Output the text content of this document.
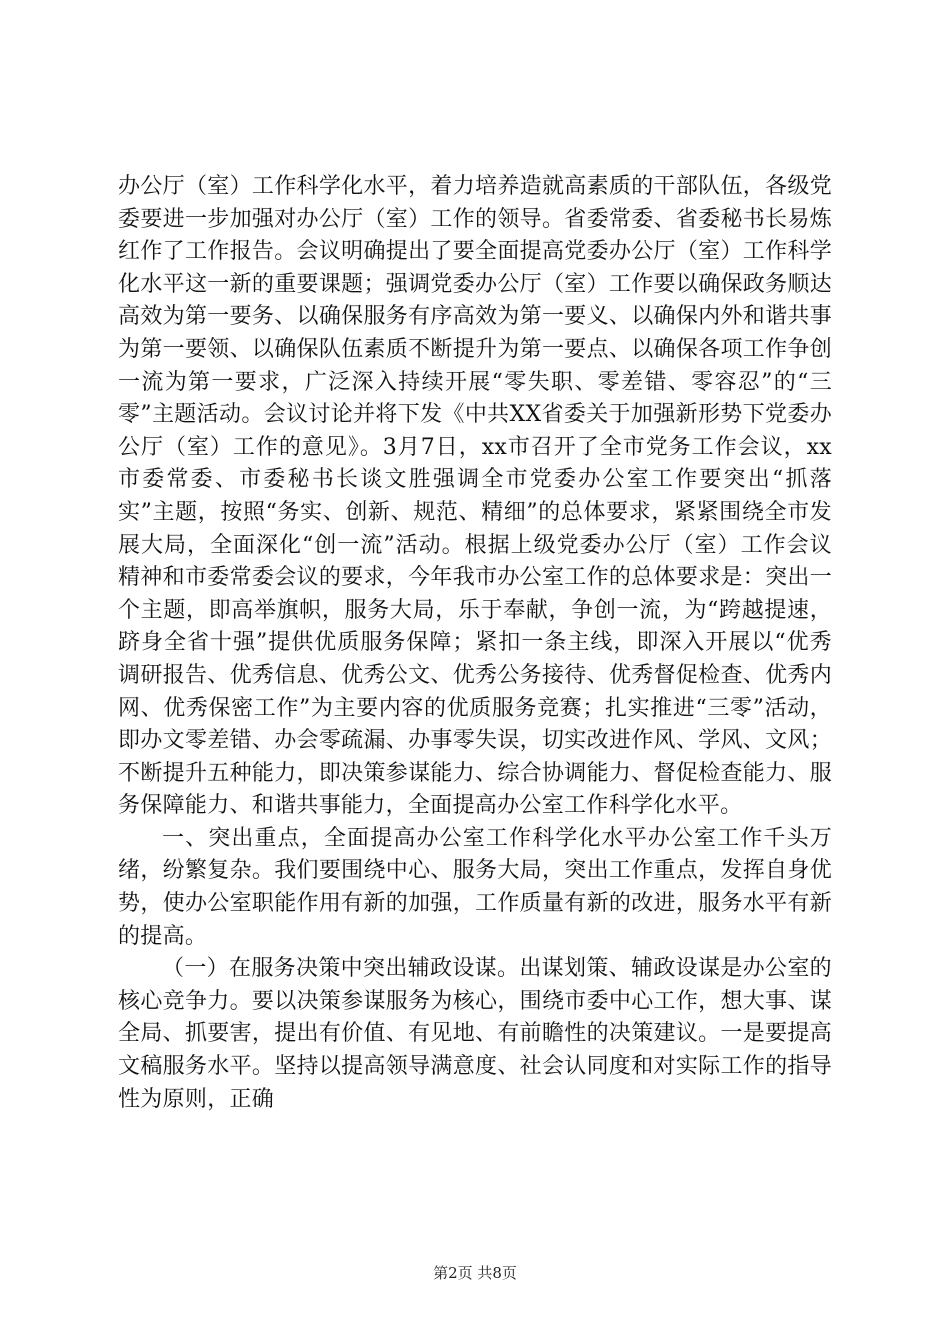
办公厅（室）工作科学化水平，着力培养造就高素质的干部队伍，各级党委要进一步加强对办公厅（室）工作的领导。省委常委、省委秘书长易炼红作了工作报告。会议明确提出了要全面提高党委办公厅（室）工作科学化水平这一新的重要课题；强调党委办公厅（室）工作要以确保政务顺达高效为第一要务、以确保服务有序高效为第一要义、以确保内外和谐共事为第一要领、以确保队伍素质不断提升为第一要点、以确保各项工作争创一流为第一要求，广泛深入持续开展“零失职、零差错、零容忍”的“三零”主题活动。会议讨论并将下发《中共XX省委关于加强新形势下党委办公厅（室）工作的意见》。3月7日，xx市召开了全市党务工作会议，xx市委常委、市委秘书长谈文胜强调全市党委办公室工作要突出“抓落实”主题，按照“务实、创新、规范、精细”的总体要求，紧紧围绕全市发展大局，全面深化“创一流”活动。根据上级党委办公厅（室）工作会议精神和市委常委会议的要求，今年我市办公室工作的总体要求是：突出一个主题，即高举旗帜，服务大局，乐于奉献，争创一流，为“跨越提速，跻身全省十强”提供优质服务保障；紧扣一条主线，即深入开展以“优秀调研报告、优秀信息、优秀公文、优秀公务接待、优秀督促检查、优秀内网、优秀保密工作”为主要内容的优质服务竞赛；扎实推进“三零”活动，即办文零差错、办会零疏漏、办事零失误，切实改进作风、学风、文风；不断提升五种能力，即决策参谋能力、综合协调能力、督促检查能力、服务保障能力、和谐共事能力，全面提高办公室工作科学化水平。

一、突出重点，全面提高办公室工作科学化水平办公室工作千头万绪，纷繁复杂。我们要围绕中心、服务大局，突出工作重点，发挥自身优势，使办公室职能作用有新的加强，工作质量有新的改进，服务水平有新的提高。

（一）在服务决策中突出辅政设谋。出谋划策、辅政设谋是办公室的核心竞争力。要以决策参谋服务为核心，围绕市委中心工作，想大事、谋全局、抓要害，提出有价值、有见地、有前瞻性的决策建议。一是要提高文稿服务水平。坚持以提高领导满意度、社会认同度和对实际工作的指导性为原则，正确

第2页 共8页
